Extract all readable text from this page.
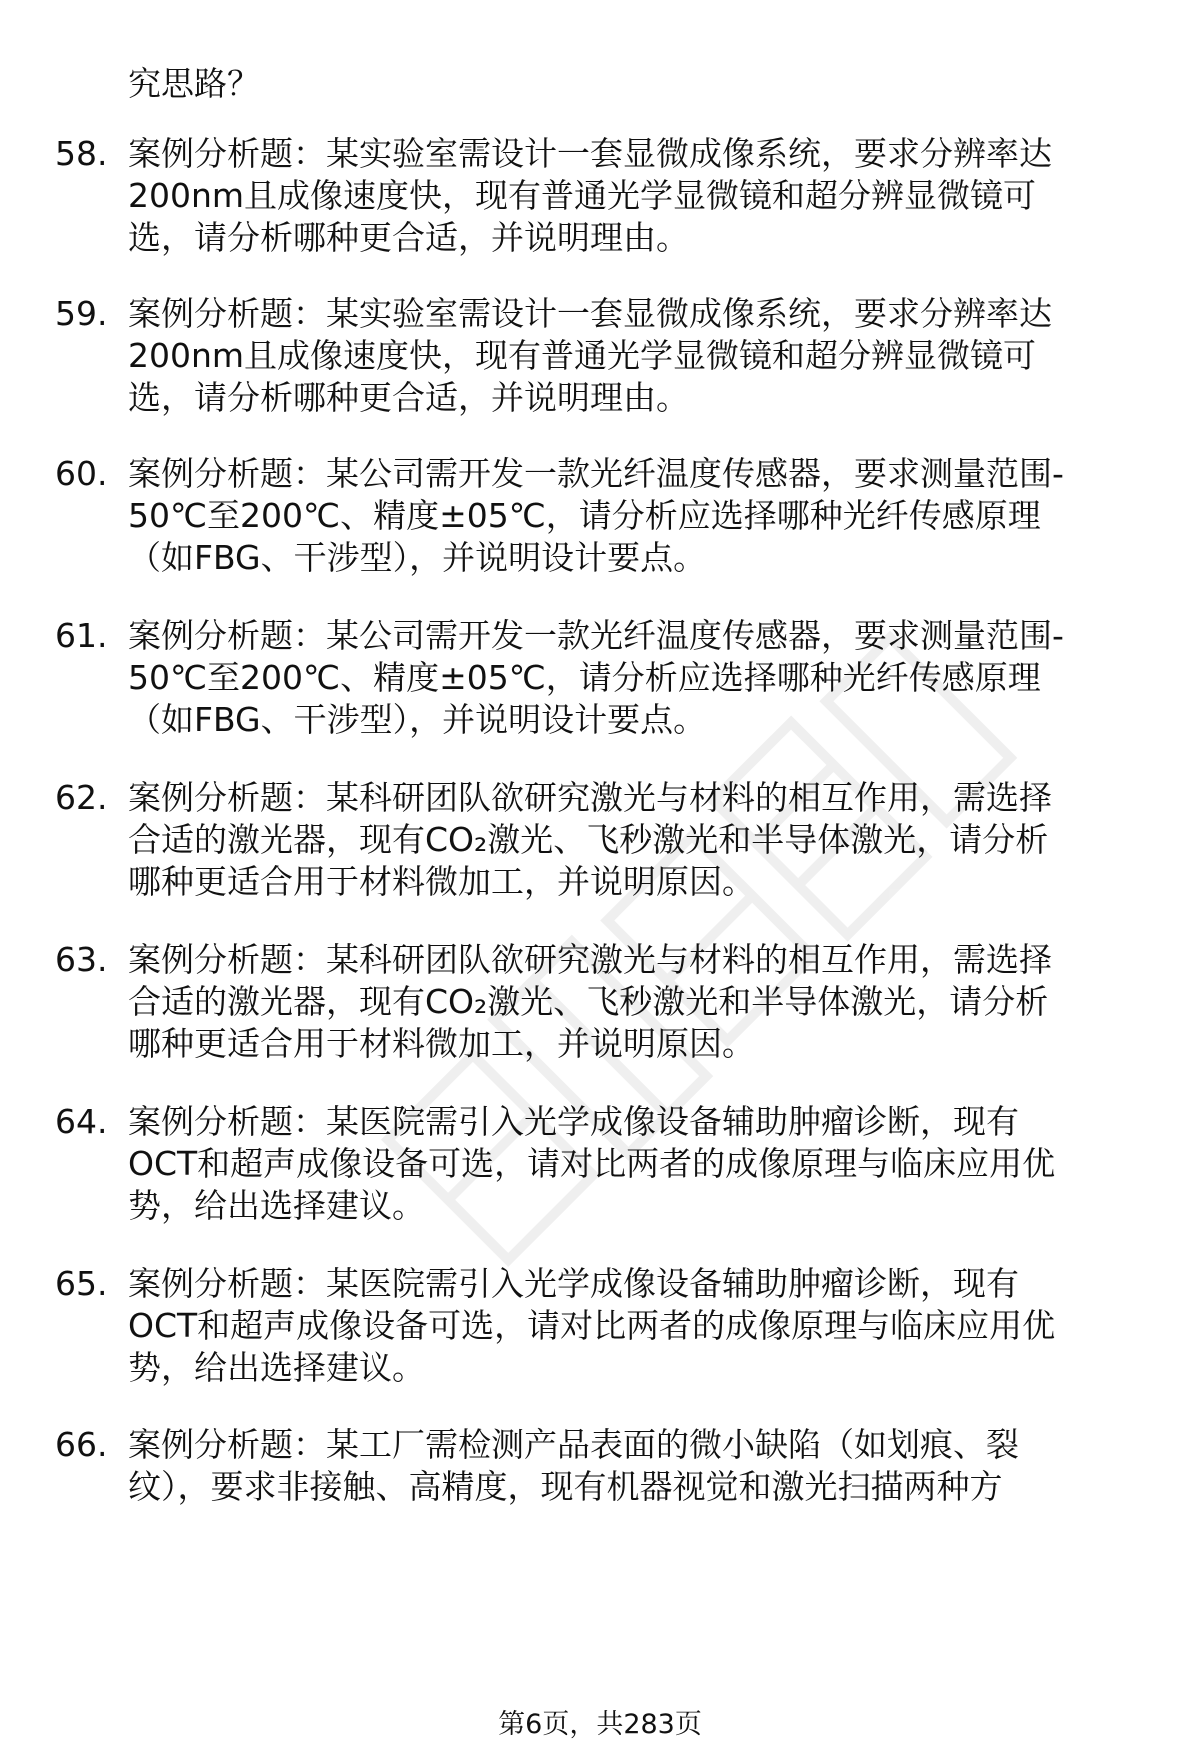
究思路？
58. 案例分析题：某实验室需设计一套显微成像系统，要求分辨率达
200nm且成像速度快，现有普通光学显微镜和超分辨显微镜可
选，请分析哪种更合适，并说明理由。
59. 案例分析题：某实验室需设计一套显微成像系统，要求分辨率达
200nm且成像速度快，现有普通光学显微镜和超分辨显微镜可
选，请分析哪种更合适，并说明理由。
60. 案例分析题：某公司需开发一款光纤温度传感器，要求测量范围-
50℃至200℃、精度±05℃，请分析应选择哪种光纤传感原理
（如FBG、干涉型），并说明设计要点。
61. 案例分析题：某公司需开发一款光纤温度传感器，要求测量范围-
50℃至200℃、精度±05℃，请分析应选择哪种光纤传感原理
（如FBG、干涉型），并说明设计要点。
62. 案例分析题：某科研团队欲研究激光与材料的相互作用，需选择
合适的激光器，现有CO₂激光、飞秒激光和半导体激光，请分析
哪种更适合用于材料微加工，并说明原因。
63. 案例分析题：某科研团队欲研究激光与材料的相互作用，需选择
合适的激光器，现有CO₂激光、飞秒激光和半导体激光，请分析
哪种更适合用于材料微加工，并说明原因。
64. 案例分析题：某医院需引入光学成像设备辅助肿瘤诊断，现有
OCT和超声成像设备可选，请对比两者的成像原理与临床应用优
势，给出选择建议。
65. 案例分析题：某医院需引入光学成像设备辅助肿瘤诊断，现有
OCT和超声成像设备可选，请对比两者的成像原理与临床应用优
势，给出选择建议。
66. 案例分析题：某工厂需检测产品表面的微小缺陷（如划痕、裂
纹），要求非接触、高精度，现有机器视觉和激光扫描两种方
第6页，共283页
